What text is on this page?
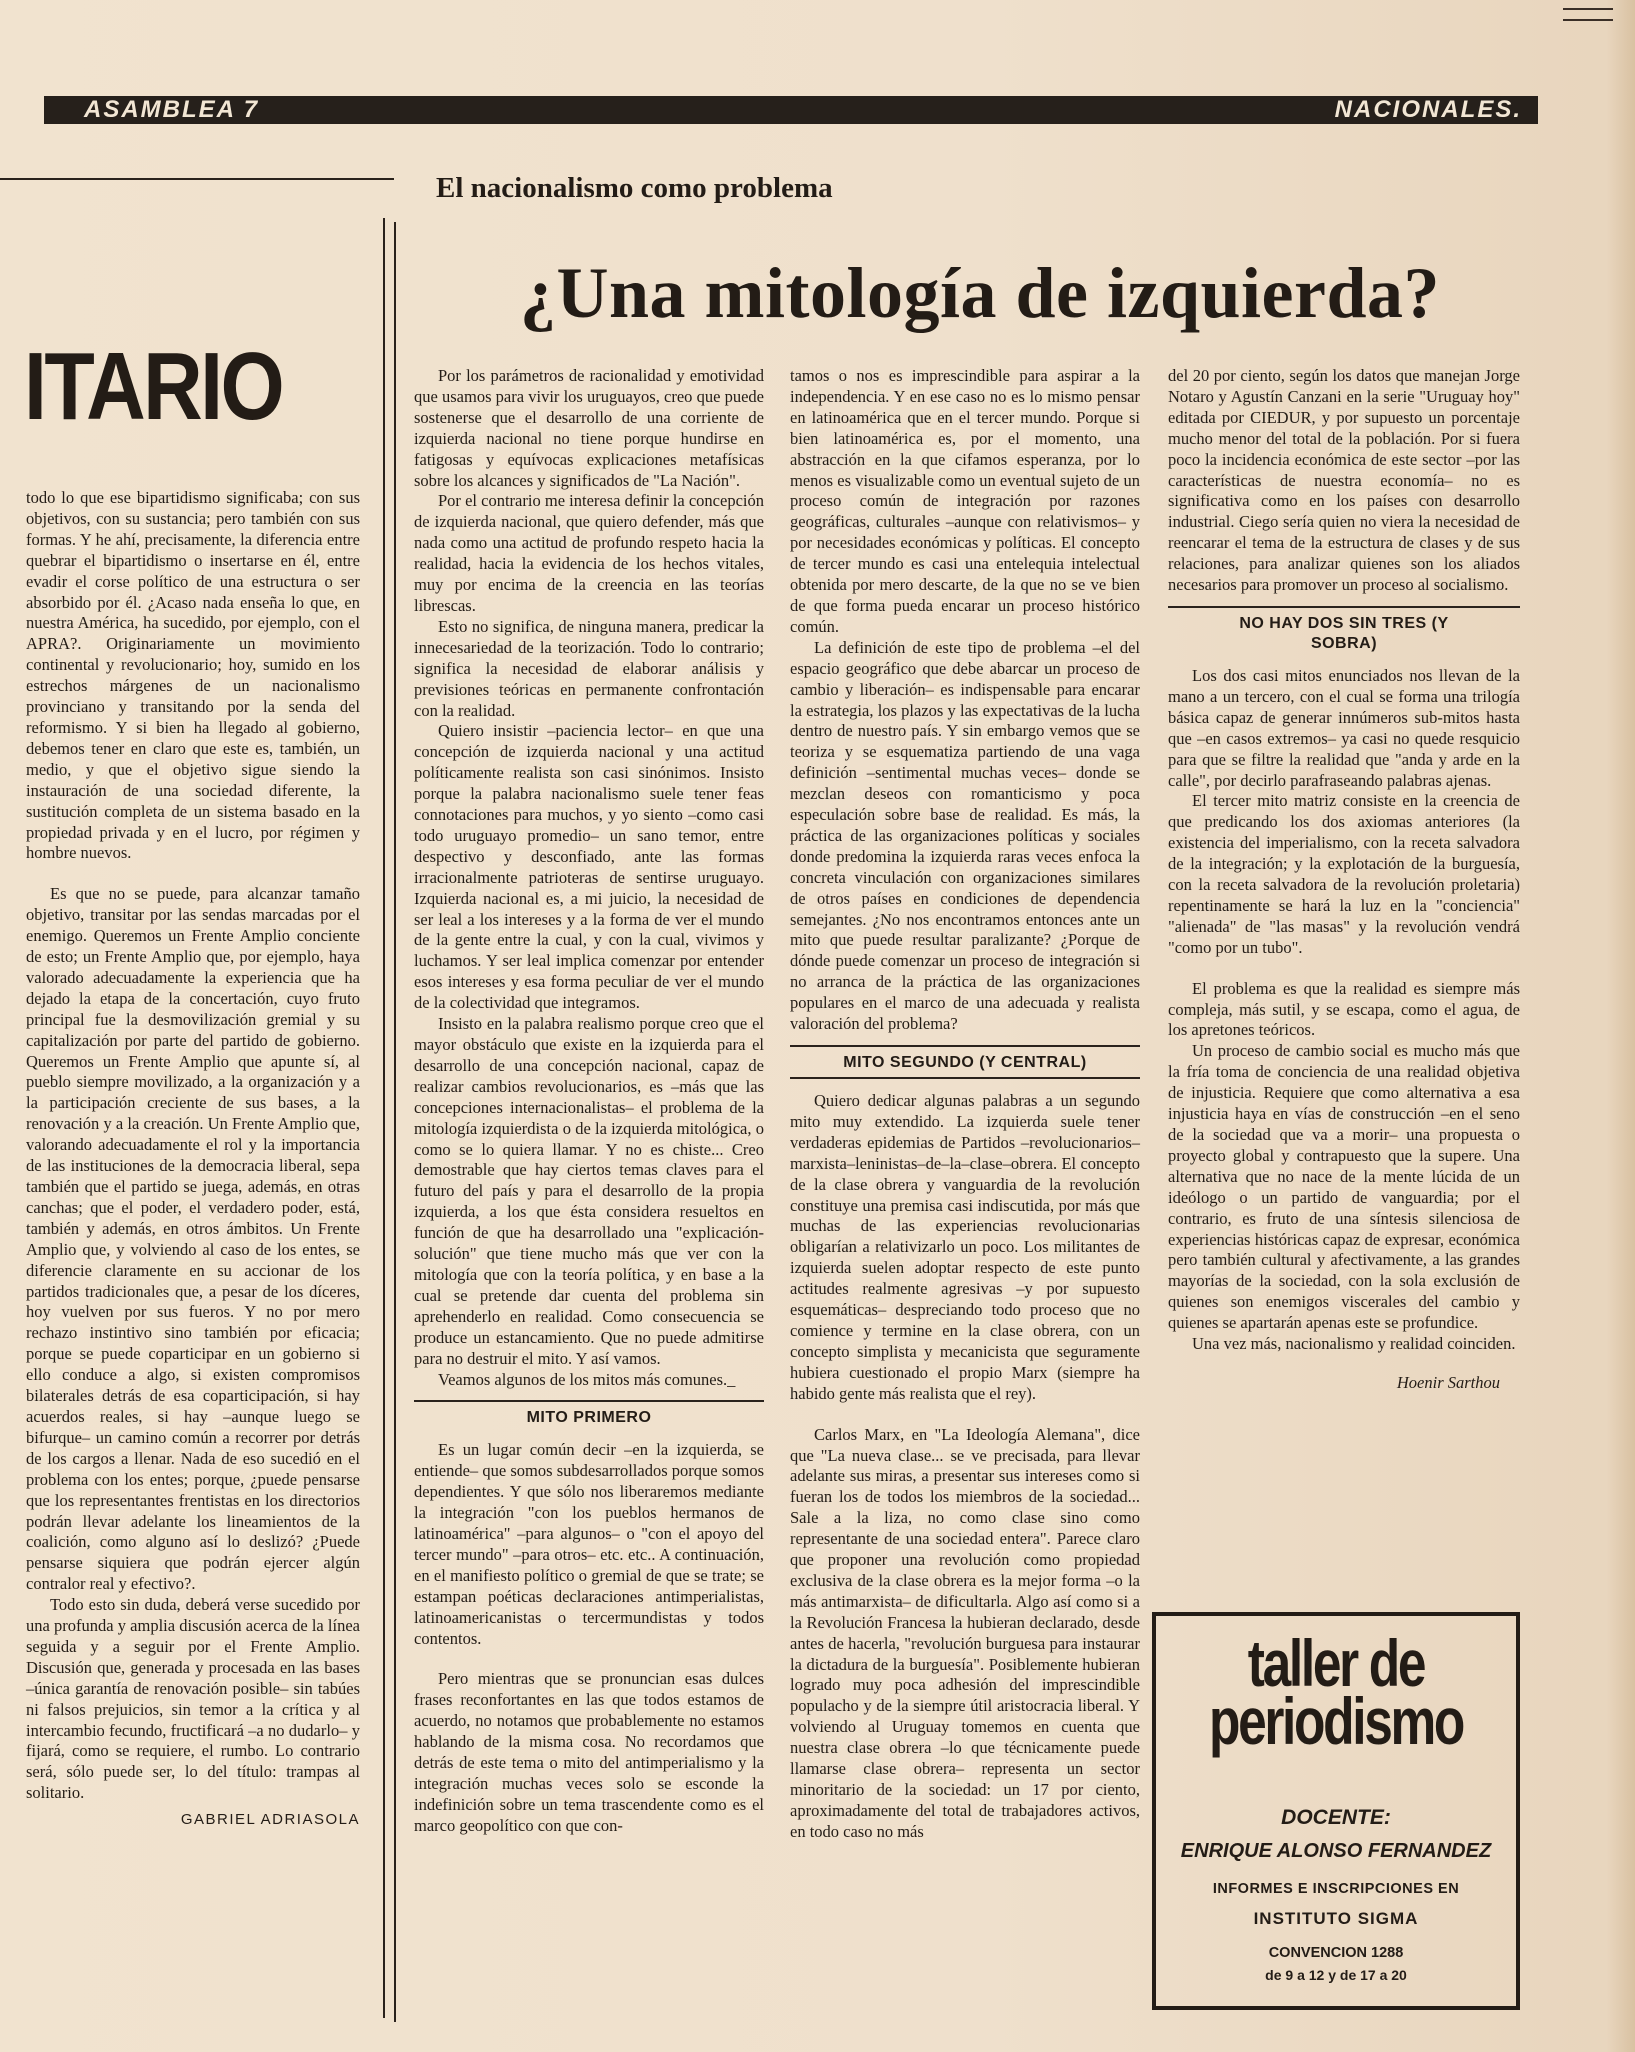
ASAMBLEA 7	NACIONALES.
El nacionalismo como problema
¿Una mitología de izquierda?
ITARIO

todo lo que ese bipartidismo significaba; con sus objetivos, con su sustancia; pero también con sus formas. Y he ahí, precisamente, la diferencia entre quebrar el bipartidismo o insertarse en él, entre evadir el corse político de una estructura o ser absorbido por él. ¿Acaso nada enseña lo que, en nuestra América, ha sucedido, por ejemplo, con el APRA?. Originariamente un movimiento continental y revolucionario; hoy, sumido en los estrechos márgenes de un nacionalismo provinciano y transitando por la senda del reformismo. Y si bien ha llegado al gobierno, debemos tener en claro que este es, también, un medio, y que el objetivo sigue siendo la instauración de una sociedad diferente, la sustitución completa de un sistema basado en la propiedad privada y en el lucro, por régimen y hombre nuevos.

Es que no se puede, para alcanzar tamaño objetivo, transitar por las sendas marcadas por el enemigo. Queremos un Frente Amplio conciente de esto; un Frente Amplio que, por ejemplo, haya valorado adecuadamente la experiencia que ha dejado la etapa de la concertación, cuyo fruto principal fue la desmovilización gremial y su capitalización por parte del partido de gobierno. Queremos un Frente Amplio que apunte sí, al pueblo siempre movilizado, a la organización y a la participación creciente de sus bases, a la renovación y a la creación. Un Frente Amplio que, valorando adecuadamente el rol y la importancia de las instituciones de la democracia liberal, sepa también que el partido se juega, además, en otras canchas; que el poder, el verdadero poder, está, también y además, en otros ámbitos. Un Frente Amplio que, y volviendo al caso de los entes, se diferencie claramente en su accionar de los partidos tradicionales que, a pesar de los díceres, hoy vuelven por sus fueros. Y no por mero rechazo instintivo sino también por eficacia; porque se puede coparticipar en un gobierno si ello conduce a algo, si existen compromisos bilaterales detrás de esa coparticipación, si hay acuerdos reales, si hay –aunque luego se bifurque– un camino común a recorrer por detrás de los cargos a llenar. Nada de eso sucedió en el problema con los entes; porque, ¿puede pensarse que los representantes frentistas en los directorios podrán llevar adelante los lineamientos de la coalición, como alguno así lo deslizó? ¿Puede pensarse siquiera que podrán ejercer algún contralor real y efectivo?.

Todo esto sin duda, deberá verse sucedido por una profunda y amplia discusión acerca de la línea seguida y a seguir por el Frente Amplio. Discusión que, generada y procesada en las bases –única garantía de renovación posible– sin tabúes ni falsos prejuicios, sin temor a la crítica y al intercambio fecundo, fructificará –a no dudarlo– y fijará, como se requiere, el rumbo. Lo contrario será, sólo puede ser, lo del título: trampas al solitario.

GABRIEL ADRIASOLA

Por los parámetros de racionalidad y emotividad que usamos para vivir los uruguayos, creo que puede sostenerse que el desarrollo de una corriente de izquierda nacional no tiene porque hundirse en fatigosas y equívocas explicaciones metafísicas sobre los alcances y significados de "La Nación".

Por el contrario me interesa definir la concepción de izquierda nacional, que quiero defender, más que nada como una actitud de profundo respeto hacia la realidad, hacia la evidencia de los hechos vitales, muy por encima de la creencia en las teorías librescas.

Esto no significa, de ninguna manera, predicar la innecesariedad de la teorización. Todo lo contrario; significa la necesidad de elaborar análisis y previsiones teóricas en permanente confrontación con la realidad.

Quiero insistir –paciencia lector– en que una concepción de izquierda nacional y una actitud políticamente realista son casi sinónimos. Insisto porque la palabra nacionalismo suele tener feas connotaciones para muchos, y yo siento –como casi todo uruguayo promedio– un sano temor, entre despectivo y desconfiado, ante las formas irracionalmente patrioteras de sentirse uruguayo. Izquierda nacional es, a mi juicio, la necesidad de ser leal a los intereses y a la forma de ver el mundo de la gente entre la cual, y con la cual, vivimos y luchamos. Y ser leal implica comenzar por entender esos intereses y esa forma peculiar de ver el mundo de la colectividad que integramos.

Insisto en la palabra realismo porque creo que el mayor obstáculo que existe en la izquierda para el desarrollo de una concepción nacional, capaz de realizar cambios revolucionarios, es –más que las concepciones internacionalistas– el problema de la mitología izquierdista o de la izquierda mitológica, o como se lo quiera llamar. Y no es chiste... Creo demostrable que hay ciertos temas claves para el futuro del país y para el desarrollo de la propia izquierda, a los que ésta considera resueltos en función de que ha desarrollado una "explicación-solución" que tiene mucho más que ver con la mitología que con la teoría política, y en base a la cual se pretende dar cuenta del problema sin aprehenderlo en realidad. Como consecuencia se produce un estancamiento. Que no puede admitirse para no destruir el mito. Y así vamos.

Veamos algunos de los mitos más comunes._

MITO PRIMERO

Es un lugar común decir –en la izquierda, se entiende– que somos subdesarrollados porque somos dependientes. Y que sólo nos liberaremos mediante la integración "con los pueblos hermanos de latinoamérica" –para algunos– o "con el apoyo del tercer mundo" –para otros– etc. etc.. A continuación, en el manifiesto político o gremial de que se trate; se estampan poéticas declaraciones antimperialistas, latinoamericanistas o tercermundistas y todos contentos.

Pero mientras que se pronuncian esas dulces frases reconfortantes en las que todos estamos de acuerdo, no notamos que probablemente no estamos hablando de la misma cosa. No recordamos que detrás de este tema o mito del antimperialismo y la integración muchas veces solo se esconde la indefinición sobre un tema trascendente como es el marco geopolítico con que con-

tamos o nos es imprescindible para aspirar a la independencia. Y en ese caso no es lo mismo pensar en latinoamérica que en el tercer mundo. Porque si bien latinoamérica es, por el momento, una abstracción en la que cifamos esperanza, por lo menos es visualizable como un eventual sujeto de un proceso común de integración por razones geográficas, culturales –aunque con relativismos– y por necesidades económicas y políticas. El concepto de tercer mundo es casi una entelequia intelectual obtenida por mero descarte, de la que no se ve bien de que forma pueda encarar un proceso histórico común.

La definición de este tipo de problema –el del espacio geográfico que debe abarcar un proceso de cambio y liberación– es indispensable para encarar la estrategia, los plazos y las expectativas de la lucha dentro de nuestro país. Y sin embargo vemos que se teoriza y se esquematiza partiendo de una vaga definición –sentimental muchas veces– donde se mezclan deseos con romanticismo y poca especulación sobre base de realidad. Es más, la práctica de las organizaciones políticas y sociales donde predomina la izquierda raras veces enfoca la concreta vinculación con organizaciones similares de otros países en condiciones de dependencia semejantes. ¿No nos encontramos entonces ante un mito que puede resultar paralizante? ¿Porque de dónde puede comenzar un proceso de integración si no arranca de la práctica de las organizaciones populares en el marco de una adecuada y realista valoración del problema?

MITO SEGUNDO (Y CENTRAL)

Quiero dedicar algunas palabras a un segundo mito muy extendido. La izquierda suele tener verdaderas epidemias de Partidos –revolucionarios–marxista–leninistas–de–la–clase–obrera. El concepto de la clase obrera y vanguardia de la revolución constituye una premisa casi indiscutida, por más que muchas de las experiencias revolucionarias obligarían a relativizarlo un poco. Los militantes de izquierda suelen adoptar respecto de este punto actitudes realmente agresivas –y por supuesto esquemáticas– despreciando todo proceso que no comience y termine en la clase obrera, con un concepto simplista y mecanicista que seguramente hubiera cuestionado el propio Marx (siempre ha habido gente más realista que el rey).

Carlos Marx, en "La Ideología Alemana", dice que "La nueva clase... se ve precisada, para llevar adelante sus miras, a presentar sus intereses como si fueran los de todos los miembros de la sociedad... Sale a la liza, no como clase sino como representante de una sociedad entera". Parece claro que proponer una revolución como propiedad exclusiva de la clase obrera es la mejor forma –o la más antimarxista– de dificultarla. Algo así como si a la Revolución Francesa la hubieran declarado, desde antes de hacerla, "revolución burguesa para instaurar la dictadura de la burguesía". Posiblemente hubieran logrado muy poca adhesión del imprescindible populacho y de la siempre útil aristocracia liberal. Y volviendo al Uruguay tomemos en cuenta que nuestra clase obrera –lo que técnicamente puede llamarse clase obrera– representa un sector minoritario de la sociedad: un 17 por ciento, aproximadamente del total de trabajadores activos, en todo caso no más

del 20 por ciento, según los datos que manejan Jorge Notaro y Agustín Canzani en la serie "Uruguay hoy" editada por CIEDUR, y por supuesto un porcentaje mucho menor del total de la población. Por si fuera poco la incidencia económica de este sector –por las características de nuestra economía– no es significativa como en los países con desarrollo industrial. Ciego sería quien no viera la necesidad de reencarar el tema de la estructura de clases y de sus relaciones, para analizar quienes son los aliados necesarios para promover un proceso al socialismo.

NO HAY DOS SIN TRES (Y SOBRA)

Los dos casi mitos enunciados nos llevan de la mano a un tercero, con el cual se forma una trilogía básica capaz de generar innúmeros sub-mitos hasta que –en casos extremos– ya casi no quede resquicio para que se filtre la realidad que "anda y arde en la calle", por decirlo parafraseando palabras ajenas.

El tercer mito matriz consiste en la creencia de que predicando los dos axiomas anteriores (la existencia del imperialismo, con la receta salvadora de la integración; y la explotación de la burguesía, con la receta salvadora de la revolución proletaria) repentinamente se hará la luz en la "conciencia" "alienada" de "las masas" y la revolución vendrá "como por un tubo".

El problema es que la realidad es siempre más compleja, más sutil, y se escapa, como el agua, de los apretones teóricos.

Un proceso de cambio social es mucho más que la fría toma de conciencia de una realidad objetiva de injusticia. Requiere que como alternativa a esa injusticia haya en vías de construcción –en el seno de la sociedad que va a morir– una propuesta o proyecto global y contrapuesto que la supere. Una alternativa que no nace de la mente lúcida de un ideólogo o un partido de vanguardia; por el contrario, es fruto de una síntesis silenciosa de experiencias históricas capaz de expresar, económica pero también cultural y afectivamente, a las grandes mayorías de la sociedad, con la sola exclusión de quienes son enemigos viscerales del cambio y quienes se apartarán apenas este se profundice.

Una vez más, nacionalismo y realidad coinciden.

Hoenir Sarthou

taller de
periodismo
DOCENTE:
ENRIQUE ALONSO FERNANDEZ
INFORMES E INSCRIPCIONES EN
INSTITUTO SIGMA
CONVENCION 1288
de 9 a 12 y de 17 a 20
